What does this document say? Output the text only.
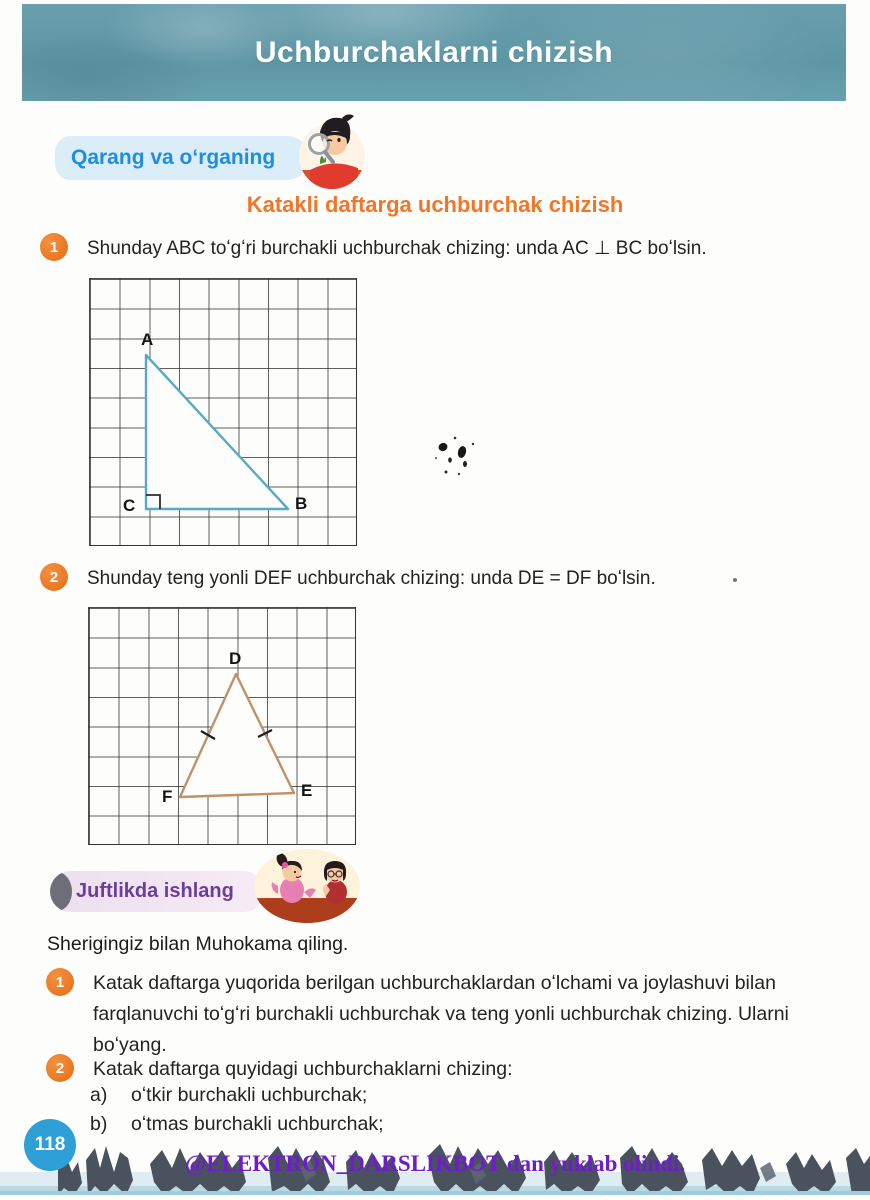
Uchburchaklarni chizish
Qarang va oʻrganing
Katakli daftarga uchburchak chizish
1	Shunday ABC toʻgʻri burchakli uchburchak chizing: unda AC ⊥ BC boʻlsin.
A
C	B
2	Shunday teng yonli DEF uchburchak chizing: unda DE = DF boʻlsin.
D
F	E
Juftlikda ishlang
Sherigingiz bilan Muhokama qiling.
1	Katak daftarga yuqorida berilgan uchburchaklardan oʻlchami va joylashuvi bilan farqlanuvchi toʻgʻri burchakli uchburchak va teng yonli uchburchak chizing. Ularni boʻyang.
2	Katak daftarga quyidagi uchburchaklarni chizing:
a)	oʻtkir burchakli uchburchak;
b)	oʻtmas burchakli uchburchak;
118
@ELEKTRON_DARSLIKBOT dan yuklab olindi.
